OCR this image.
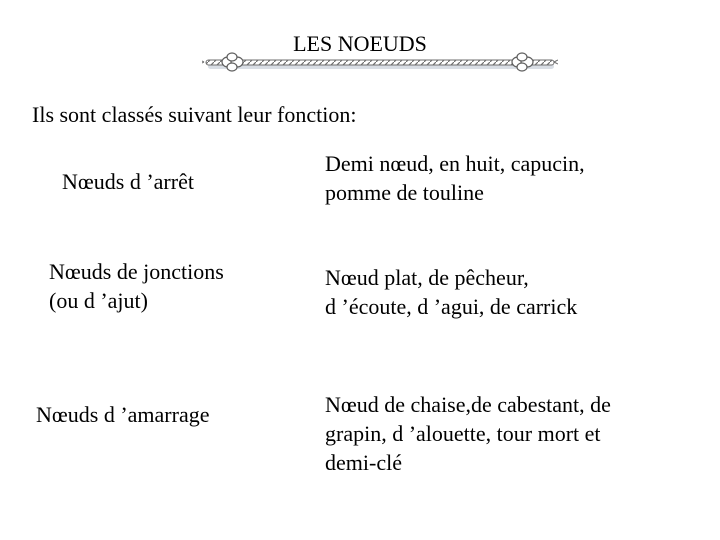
LES NOEUDS
Ils sont classés suivant leur fonction:
Nœuds d ’arrêt
Demi nœud, en huit, capucin,
pomme de touline
Nœuds de jonctions
(ou d ’ajut)
Nœud plat, de pêcheur,
d ’écoute, d ’agui, de carrick
Nœuds d ’amarrage	Nœud de chaise,de cabestant, de
grapin, d ’alouette, tour mort et
demi-clé
